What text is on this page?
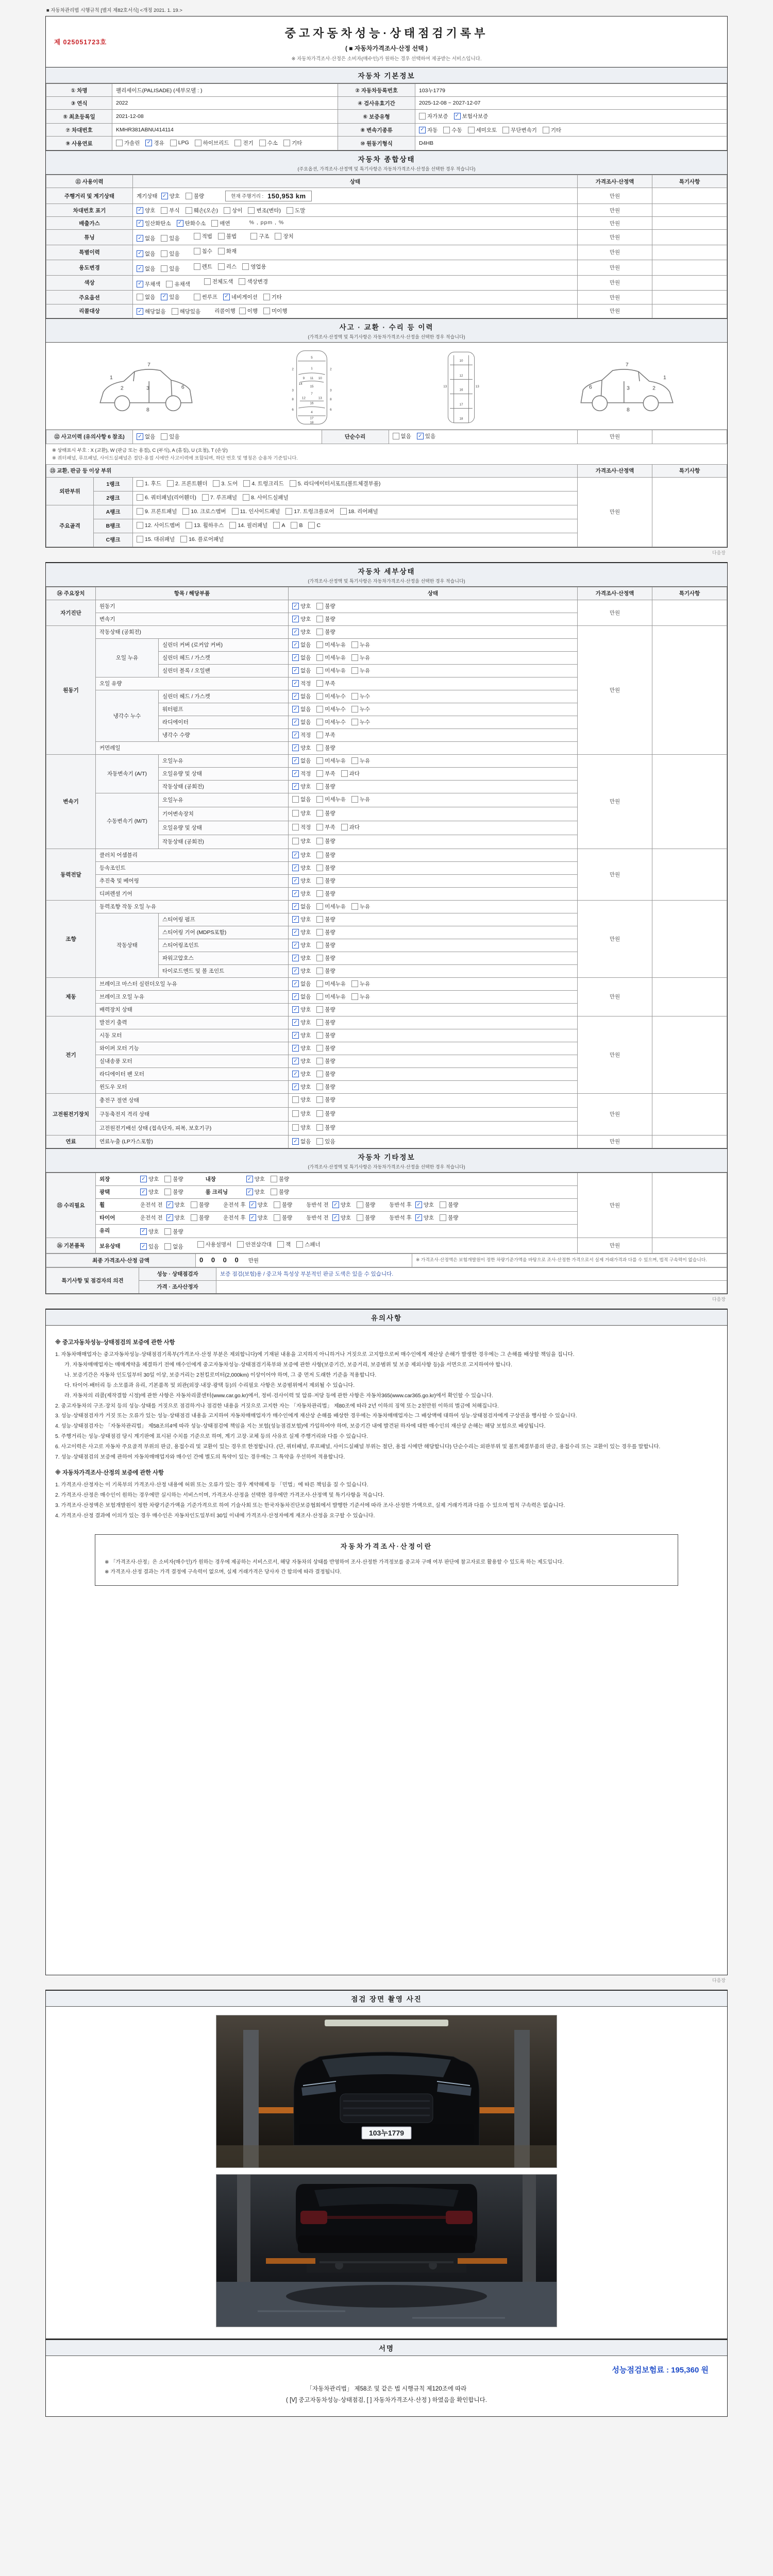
■ 자동차관리법 시행규칙 [별지 제82호서식] <개정 2021. 1. 19.>
제 025051723호
중고자동차성능·상태점검기록부
( ■ 자동차가격조사·산정 선택 )
※ 자동차가격조사·산정은 소비자(매수인)가 원하는 경우 선택하여 제공받는 서비스입니다.
자동차 기본정보
① 차명	팰리세이드(PALISADE) (세부모델 : )	② 자동차등록번호	103누1779
③ 연식	2022	④ 검사유효기간	2025-12-08 ~ 2027-12-07
⑤ 최초등록일	2021-12-08	⑥ 보증유형	자가보증 ✓ 보험사보증

⑦ 차대번호	KMHR381ABNU414114	⑧ 변속기종류	✓ 자동	수동	세미오토	무단변속기	기타

⑨ 사용연료	가솔린 ✓ 경유	LPG	하이브리드	전기	수소	기타	⑩ 원동기형식	D4HB
자동차 종합상태
(주요옵션, 가격조사·산정액 및 특기사항은 자동차가격조사·산정을 선택한 경우 적습니다)
⑪ 사용이력	상태	가격조사·산정액	특기사항
주행거리 및 계기상태	계기상태 ✓ 양호	불량	현재 주행거리 : 150,953 km	만원	
차대번호 표기	✓ 양호	부식	훼손(오손)	상이	변조(변타)	도말	만원	
배출가스	✓ 일산화탄소 ✓ 탄화수소	매연	% , ppm , %	만원	
튜닝	✓ 없음	있음	적법	불법	구조	장치	만원	
특별이력	✓ 없음 있음 침수 화재	만원	
용도변경	✓ 없음	있음	렌트	리스	영업용	만원	
색상	✓ 무채색 유채색 전체도색 색상변경	만원	
주요옵션	없음 ✓ 있음	썬루프 ✓ 네비게이션	기타	만원	
리콜대상	✓ 해당없음	해당있음	리콜이행 이행	미이행	만원	
사고 · 교환 · 수리 등 이력
(가격조사·산정액 및 특기사항은 자동차가격조사·산정을 선택한 경우 적습니다)
1
2	3	6
7
8
5
1
9 11 10
15
7
12 13
16
4
17
18
2	2
3	3
6	6
8	8
14
10
12
16
17
18
13	13
1
2
3
6
7
8
⑫ 사고이력 (유의사항 6 참조)	✓ 없음	있음	단순수리	없음 ✓ 있음	만원	
※ 상태표시 부호 : X (교환), W (판금 또는 용접), C (부식), A (흠집), U (요철), T (손상)
※ 쿼터패널, 루프패널, 사이드실패널은 절단·용접 시에만 사고이력에 포함되며, 하단 번호 및 명칭은 승용차 기준입니다.
⑬ 교환, 판금 등 이상 부위			가격조사·산정액	특기사항
외판부위	1랭크	1. 후드 2. 프론트휀더 3. 도어 4. 트렁크리드 5. 라디에이터서포트(볼트체결부품)	만원	
	2랭크	6. 쿼터패널(리어휀더) 7. 루프패널 8. 사이드실패널		

주요골격	A랭크	9. 프론트패널 10. 크로스멤버 11. 인사이드패널 17. 트렁크플로어 18. 리어패널		

B랭크	12. 사이드멤버	13. 휠하우스	14. 필러패널	A	B	C

	C랭크	15. 대쉬패널 16. 플로어패널		
다음장
자동차 세부상태
(가격조사·산정액 및 특기사항은 자동차가격조사·산정을 선택한 경우 적습니다)
⑭ 주요장치	항목 / 해당부품		상태	가격조사·산정액	특기사항
자기진단	원동기		✓ 양호 불량	만원	
	변속기		✓ 양호 불량		

원동기	작동상태 (공회전)		✓ 양호 불량	만원	
	오일 누유	실린더 커버 (로커암 커버)	✓ 없음 미세누유 누유		

		실린더 헤드 / 가스켓	✓ 없음 미세누유 누유		

		실린더 블록 / 오일팬	✓ 없음 미세누유 누유		

	오일 유량		✓ 적정 부족		

	냉각수 누수	실린더 헤드 / 가스켓	✓ 없음 미세누수 누수		

		워터펌프	✓ 없음 미세누수 누수		

		라디에이터	✓ 없음 미세누수 누수		

		냉각수 수량	✓ 적정 부족		

	커먼레일		✓ 양호 불량		

변속기	자동변속기 (A/T)	오일누유	✓ 없음 미세누유 누유	만원	
		오일유량 및 상태	✓ 적정 부족 과다		

		작동상태 (공회전)	✓ 양호 불량		

	수동변속기 (M/T)	오일누유	없음 미세누유 누유		

		기어변속장치	양호 불량		

		오일유량 및 상태	적정 부족 과다		

		작동상태 (공회전)	양호 불량		

동력전달	클러치 어셈블리		✓ 양호 불량	만원	
	등속조인트		✓ 양호 불량		

	추진축 및 베어링		✓ 양호 불량		

	디퍼렌셜 기어		✓ 양호 불량		

조향	동력조향 작동 오일 누유		✓ 없음 미세누유 누유	만원	
	작동상태	스티어링 펌프	✓ 양호 불량		

		스티어링 기어 (MDPS포함)	✓ 양호 불량		

		스티어링조인트	✓ 양호 불량		

		파워고압호스	✓ 양호 불량		

		타이로드엔드 및 볼 조인트	✓ 양호 불량		

제동	브레이크 마스터 실린더오일 누유		✓ 없음 미세누유 누유	만원	
	브레이크 오일 누유		✓ 없음 미세누유 누유		

	배력장치 상태		✓ 양호 불량		

전기	발전기 출력		✓ 양호 불량	만원	
	시동 모터		✓ 양호 불량		

	와이퍼 모터 기능		✓ 양호 불량		

	실내송풍 모터		✓ 양호 불량		

	라디에이터 팬 모터		✓ 양호 불량		

	윈도우 모터		✓ 양호 불량		

고전원전기장치	충전구 절연 상태		양호 불량	만원	
	구동축전지 격리 상태		양호 불량		

	고전원전기배선 상태 (접속단자, 피복, 보호기구)		양호 불량		

연료	연료누출 (LP가스포함)		✓ 없음 있음	만원	
자동차 기타정보
(가격조사·산정액 및 특기사항은 자동차가격조사·산정을 선택한 경우 적습니다)
⑮ 수리필요	
외장	✓ 양호	불량	내장	✓ 양호	불량
	만원	

광택	✓ 양호	불량	룸 크리닝	✓ 양호	불량

휠	운전석 전 ✓ 양호	불량	운전석 후 ✓ 양호	불량	동반석 전 ✓ 양호	불량	동반석 후 ✓ 양호	불량

타이어	운전석 전 ✓ 양호	불량	운전석 후 ✓ 양호	불량	동반석 전 ✓ 양호	불량	동반석 후 ✓ 양호	불량

	유리 ✓ 양호 불량		

⑯ 기본품목	보유상태	✓ 있음	없음	사용설명서	안전삼각대	잭	스패너	만원	
최종 가격조사·산정 금액	0 0 0 0 만원	※ 가격조사·산정액은 보험개발원이 정한 차량기준가액을 바탕으로 조사·산정한 가격으로서 실제 거래가격과 다를 수 있으며, 법적 구속력이 없습니다.
특기사항 및 점검자의 의견	성능 · 상태점검자	보증 점검(보험)용 / 중고차 특성상 부분적인 판금 도색은 있을 수 있습니다.
	가격 · 조사산정자	
다음장
유의사항
※ 중고자동차성능·상태점검의 보증에 관한 사항
1. 자동차매매업자는 중고자동차성능·상태점검기록부(가격조사·산정 부분은 제외합니다)에 기재된 내용을 고지하지 아니하거나 거짓으로 고지함으로써 매수인에게 재산상 손해가 발생한 경우에는 그 손해를 배상할 책임을 집니다.
가. 자동차매매업자는 매매계약을 체결하기 전에 매수인에게 중고자동차성능·상태점검기록부와 보증에 관한 사항(보증기간, 보증거리, 보증범위 및 보증 제외사항 등)을 서면으로 고지하여야 합니다.
나. 보증기간은 자동차 인도일부터 30일 이상, 보증거리는 2천킬로미터(2,000km) 이상이어야 하며, 그 중 먼저 도래한 기준을 적용합니다.
다. 타이어·배터리 등 소모품과 유리, 기본품목 및 외관(외장·내장·광택 등)의 수리필요 사항은 보증범위에서 제외될 수 있습니다.
라. 자동차의 리콜(제작결함 시정)에 관한 사항은 자동차리콜센터(www.car.go.kr)에서, 정비·검사이력 및 압류·저당 등에 관한 사항은 자동차365(www.car365.go.kr)에서 확인할 수 있습니다.
2. 중고자동차의 구조·장치 등의 성능·상태를 거짓으로 점검하거나 점검한 내용을 거짓으로 고지한 자는 「자동차관리법」 제80조에 따라 2년 이하의 징역 또는 2천만원 이하의 벌금에 처해집니다.
3. 성능·상태점검자가 거짓 또는 오류가 있는 성능·상태점검 내용을 고지하여 자동차매매업자가 매수인에게 재산상 손해를 배상한 경우에는 자동차매매업자는 그 배상액에 대하여 성능·상태점검자에게 구상권을 행사할 수 있습니다.
4. 성능·상태점검자는 「자동차관리법」 제58조의4에 따라 성능·상태점검에 책임을 지는 보험(성능점검보험)에 가입하여야 하며, 보증기간 내에 발견된 하자에 대한 매수인의 재산상 손해는 해당 보험으로 배상됩니다.
5. 주행거리는 성능·상태점검 당시 계기판에 표시된 수치를 기준으로 하며, 계기 고장·교체 등의 사유로 실제 주행거리와 다를 수 있습니다.
6. 사고이력은 사고로 자동차 주요골격 부위의 판금, 용접수리 및 교환이 있는 경우로 한정합니다. (단, 쿼터패널, 루프패널, 사이드실패널 부위는 절단, 용접 시에만 해당합니다) 단순수리는 외판부위 및 볼트체결부품의 판금, 용접수리 또는 교환이 있는 경우를 말합니다.
7. 성능·상태점검의 보증에 관하여 자동차매매업자와 매수인 간에 별도의 특약이 있는 경우에는 그 특약을 우선하여 적용합니다.
※ 자동차가격조사·산정의 보증에 관한 사항
1. 가격조사·산정자는 이 기록부의 가격조사·산정 내용에 허위 또는 오류가 있는 경우 계약해제 등 「민법」에 따른 책임을 질 수 있습니다.
2. 가격조사·산정은 매수인이 원하는 경우에만 실시하는 서비스이며, 가격조사·산정을 선택한 경우에만 가격조사·산정액 및 특기사항을 적습니다.
3. 가격조사·산정액은 보험개발원이 정한 차량기준가액을 기준가격으로 하여 기술사회 또는 한국자동차진단보증협회에서 발행한 기준서에 따라 조사·산정한 가액으로, 실제 거래가격과 다를 수 있으며 법적 구속력은 없습니다.
4. 가격조사·산정 결과에 이의가 있는 경우 매수인은 자동차인도일부터 30일 이내에 가격조사·산정자에게 재조사·산정을 요구할 수 있습니다.
자동차가격조사·산정이란
※ 「가격조사·산정」은 소비자(매수인)가 원하는 경우에 제공하는 서비스로서, 해당 자동차의 상태를 반영하여 조사·산정한 가격정보를 중고차 구매 여부 판단에 참고자료로 활용할 수 있도록 하는 제도입니다.
※ 가격조사·산정 결과는 가격 결정에 구속력이 없으며, 실제 거래가격은 당사자 간 합의에 따라 결정됩니다.
다음장
점검 장면 촬영 사진
103누1779
서명
성능점검보험료 : 195,360 원
「자동차관리법」 제58조 및 같은 법 시행규칙 제120조에 따라
( [V] 중고자동차성능·상태점검, [ ] 자동차가격조사·산정 ) 하였음을 확인합니다.
